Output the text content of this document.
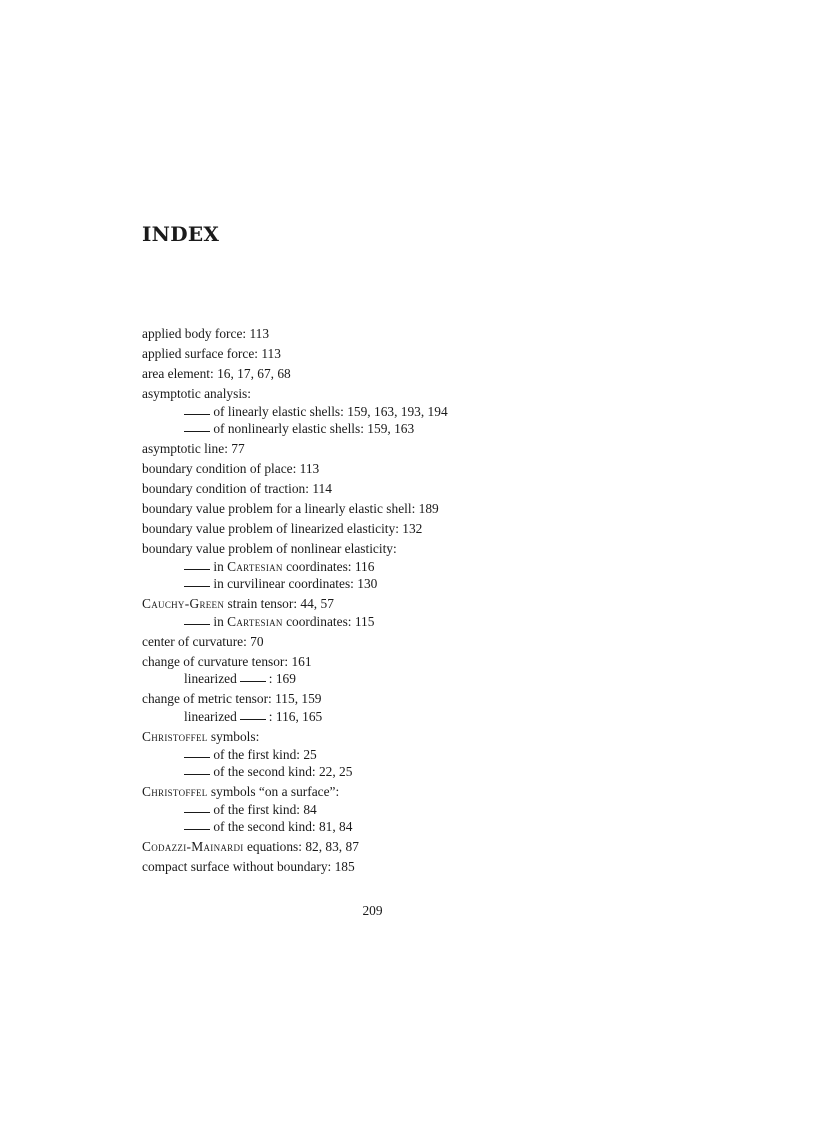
INDEX
applied body force: 113
applied surface force: 113
area element: 16, 17, 67, 68
asymptotic analysis:
of linearly elastic shells: 159, 163, 193, 194
of nonlinearly elastic shells: 159, 163
asymptotic line: 77
boundary condition of place: 113
boundary condition of traction: 114
boundary value problem for a linearly elastic shell: 189
boundary value problem of linearized elasticity: 132
boundary value problem of nonlinear elasticity:
in Cartesian coordinates: 116
in curvilinear coordinates: 130
Cauchy-Green strain tensor: 44, 57
in Cartesian coordinates: 115
center of curvature: 70
change of curvature tensor: 161
linearized : 169
change of metric tensor: 115, 159
linearized : 116, 165
Christoffel symbols:
of the first kind: 25
of the second kind: 22, 25
Christoffel symbols “on a surface”:
of the first kind: 84
of the second kind: 81, 84
Codazzi-Mainardi equations: 82, 83, 87
compact surface without boundary: 185
209
